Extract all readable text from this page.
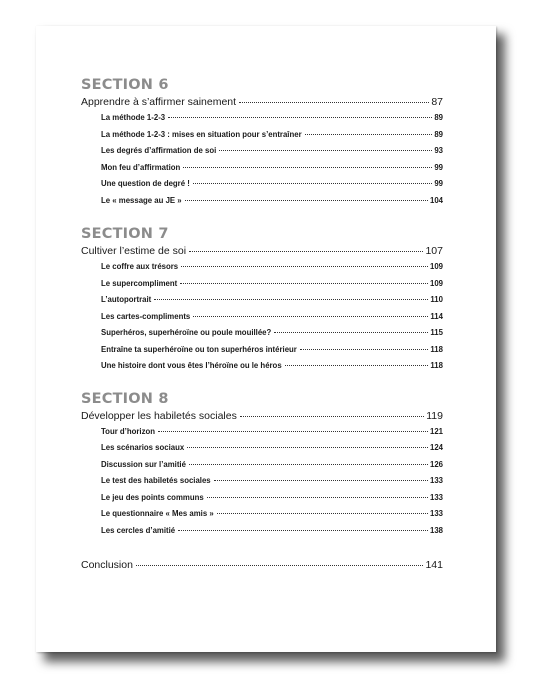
SECTION 6
Apprendre à s’affirmer sainement	87
La méthode 1-2-3	89
La méthode 1-2-3 : mises en situation pour s’entraîner	89
Les degrés d’affirmation de soi	93
Mon feu d’affirmation	99
Une question de degré !	99
Le « message au JE »	104
SECTION 7
Cultiver l’estime de soi	107
Le coffre aux trésors	109
Le supercompliment	109
L’autoportrait	110
Les cartes-compliments	114
Superhéros, superhéroïne ou poule mouillée?	115
Entraîne ta superhéroïne ou ton superhéros intérieur	118
Une histoire dont vous êtes l’héroïne ou le héros	118
SECTION 8
Développer les habiletés sociales	119
Tour d’horizon	121
Les scénarios sociaux	124
Discussion sur l’amitié	126
Le test des habiletés sociales	133
Le jeu des points communs	133
Le questionnaire « Mes amis »	133
Les cercles d’amitié	138
Conclusion	141
